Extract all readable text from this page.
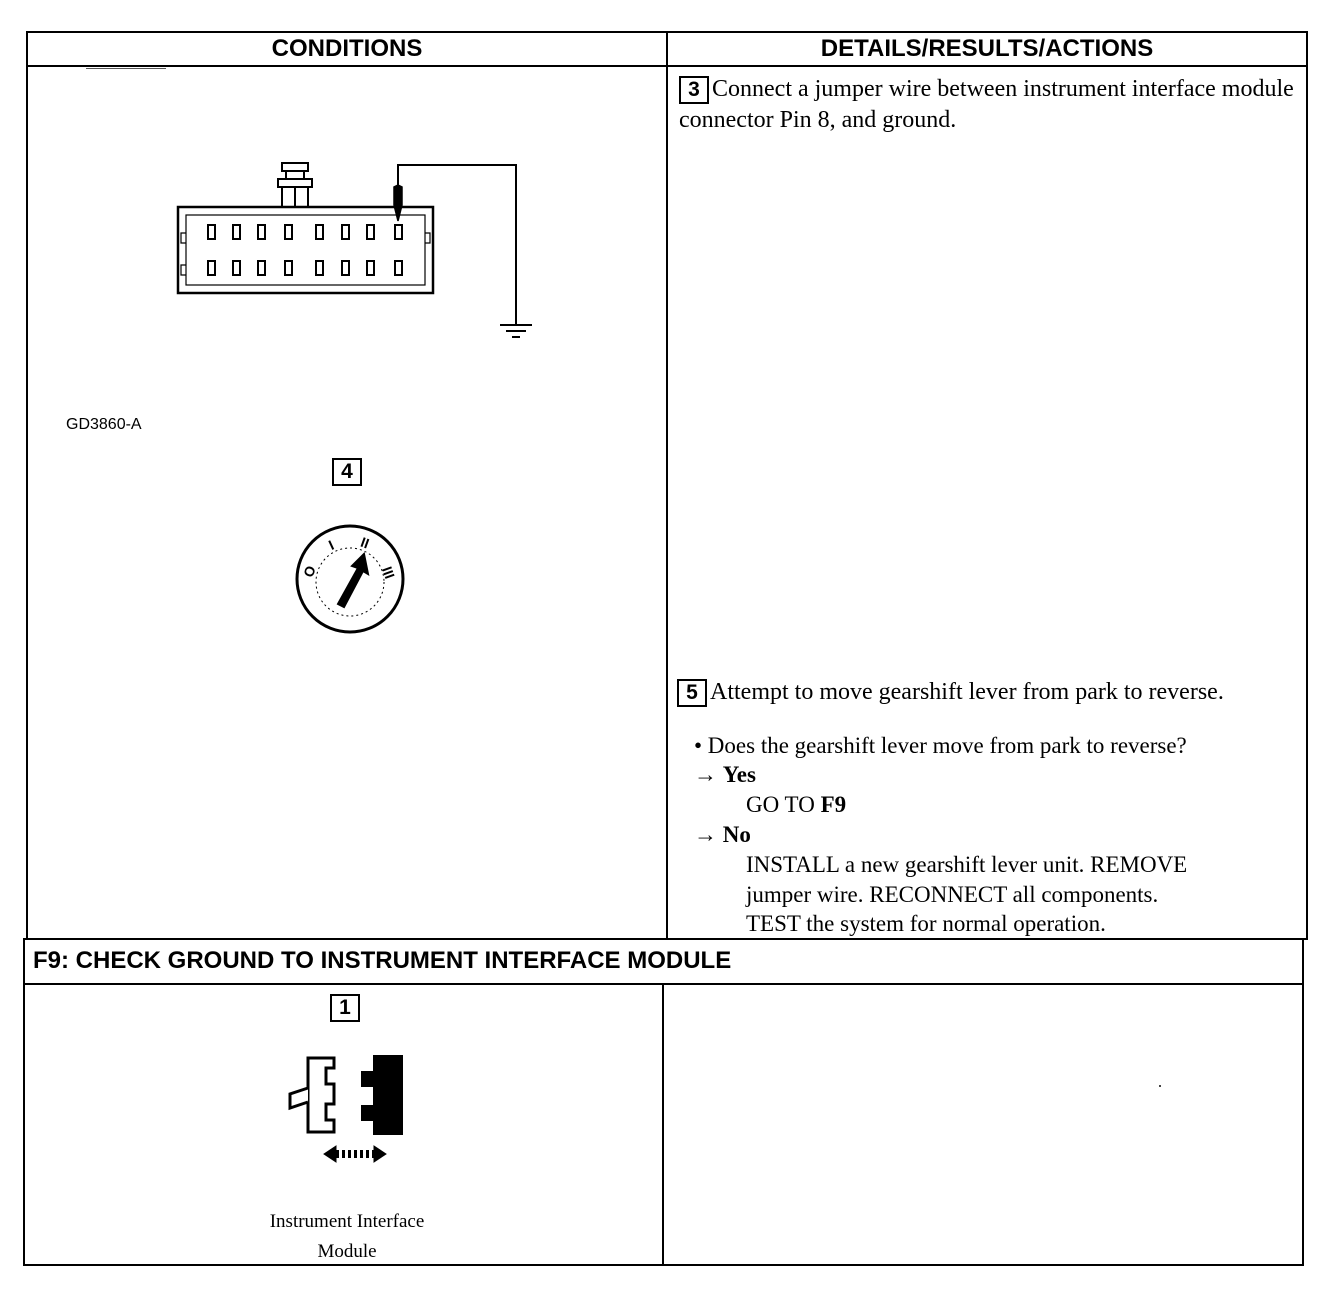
CONDITIONS	DETAILS/RESULTS/ACTIONS
3 Connect a jumper wire between instrument interface module connector Pin 8, and ground.
GD3860-A
4
O
I II
III
5 Attempt to move gearshift lever from park to reverse.
• Does the gearshift lever move from park to reverse?
→ Yes
GO TO F9
→ No
INSTALL a new gearshift lever unit. REMOVE
jumper wire. RECONNECT all components.
TEST the system for normal operation.
F9: CHECK GROUND TO INSTRUMENT INTERFACE MODULE
1
Instrument Interface
Module
